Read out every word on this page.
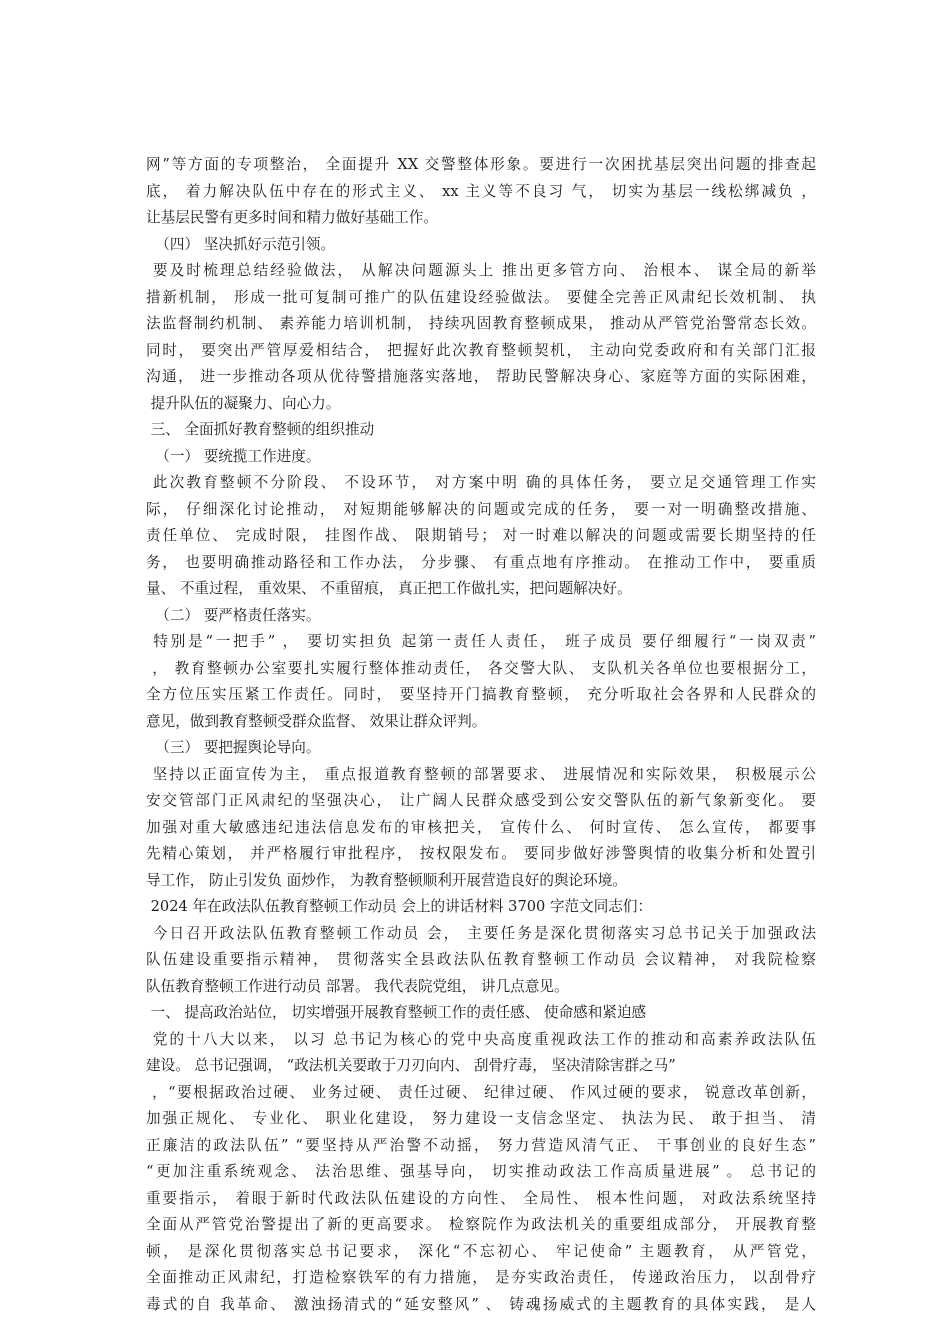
网”等方面的专项整治， 全面提升 XX 交警整体形象。要进行一次困扰基层突出问题的排查起
底， 着力解决队伍中存在的形式主义、 xx 主义等不良习 气， 切实为基层一线松绑减负 ，
让基层民警有更多时间和精力做好基础工作。
（四） 坚决抓好示范引领。
要及时梳理总结经验做法， 从解决问题源头上 推出更多管方向、 治根本、 谋全局的新举
措新机制， 形成一批可复制可推广的队伍建设经验做法。 要健全完善正风肃纪长效机制、 执
法监督制约机制、 素养能力培训机制， 持续巩固教育整顿成果， 推动从严管党治警常态长效。
同时， 要突出严管厚爱相结合， 把握好此次教育整顿契机， 主动向党委政府和有关部门汇报
沟通， 进一步推动各项从优待警措施落实落地， 帮助民警解决身心、家庭等方面的实际困难，
提升队伍的凝聚力、向心力。
三、 全面抓好教育整顿的组织推动
（一） 要统揽工作进度。
此次教育整顿不分阶段、 不设环节， 对方案中明 确的具体任务， 要立足交通管理工作实
际， 仔细深化讨论推动， 对短期能够解决的问题或完成的任务， 要一对一明确整改措施、
责任单位、 完成时限， 挂图作战、 限期销号； 对一时难以解决的问题或需要长期坚持的任
务， 也要明确推动路径和工作办法， 分步骤、 有重点地有序推动。 在推动工作中， 要重质
量、 不重过程， 重效果、 不重留痕， 真正把工作做扎实，把问题解决好。
（二） 要严格责任落实。
特别是“一把手” ， 要切实担负 起第一责任人责任， 班子成员 要仔细履行“一岗双责”
， 教育整顿办公室要扎实履行整体推动责任， 各交警大队、 支队机关各单位也要根据分工，
全方位压实压紧工作责任。同时， 要坚持开门搞教育整顿， 充分听取社会各界和人民群众的
意见，做到教育整顿受群众监督、 效果让群众评判。
（三） 要把握舆论导向。
坚持以正面宣传为主， 重点报道教育整顿的部署要求、 进展情况和实际效果， 积极展示公
安交管部门正风肃纪的坚强决心， 让广阔人民群众感受到公安交警队伍的新气象新变化。 要
加强对重大敏感违纪违法信息发布的审核把关， 宣传什么、 何时宣传、 怎么宣传， 都要事
先精心策划， 并严格履行审批程序， 按权限发布。 要同步做好涉警舆情的收集分析和处置引
导工作， 防止引发负 面炒作， 为教育整顿顺利开展营造良好的舆论环境。
2024 年在政法队伍教育整顿工作动员 会上的讲话材料 3700 字范文同志们：
今日召开政法队伍教育整顿工作动员 会， 主要任务是深化贯彻落实习总书记关于加强政法
队伍建设重要指示精神， 贯彻落实全县政法队伍教育整顿工作动员 会议精神， 对我院检察
队伍教育整顿工作进行动员 部署。 我代表院党组， 讲几点意见。
一、 提高政治站位， 切实增强开展教育整顿工作的责任感、 使命感和紧迫感
党的十八大以来， 以习 总书记为核心的党中央高度重视政法工作的推动和高素养政法队伍
建设。 总书记强调， “政法机关要敢于刀刃向内、 刮骨疗毒， 坚决清除害群之马”
，“要根据政治过硬、 业务过硬、 责任过硬、 纪律过硬、 作风过硬的要求， 锐意改革创新，
加强正规化、 专业化、 职业化建设， 努力建设一支信念坚定、 执法为民、 敢于担当、 清
正廉洁的政法队伍” “要坚持从严治警不动摇， 努力营造风清气正、 干事创业的良好生态”
“更加注重系统观念、 法治思维、强基导向， 切实推动政法工作高质量进展” 。 总书记的
重要指示， 着眼于新时代政法队伍建设的方向性、 全局性、 根本性问题， 对政法系统坚持
全面从严管党治警提出了新的更高要求。 检察院作为政法机关的重要组成部分， 开展教育整
顿， 是深化贯彻落实总书记要求， 深化“不忘初心、 牢记使命” 主题教育， 从严管党，
全面推动正风肃纪，打造检察铁军的有力措施， 是夯实政治责任， 传递政治压力， 以刮骨疗
毒式的自 我革命、 激浊扬清式的“延安整风” 、 铸魂扬威式的主题教育的具体实践， 是人
